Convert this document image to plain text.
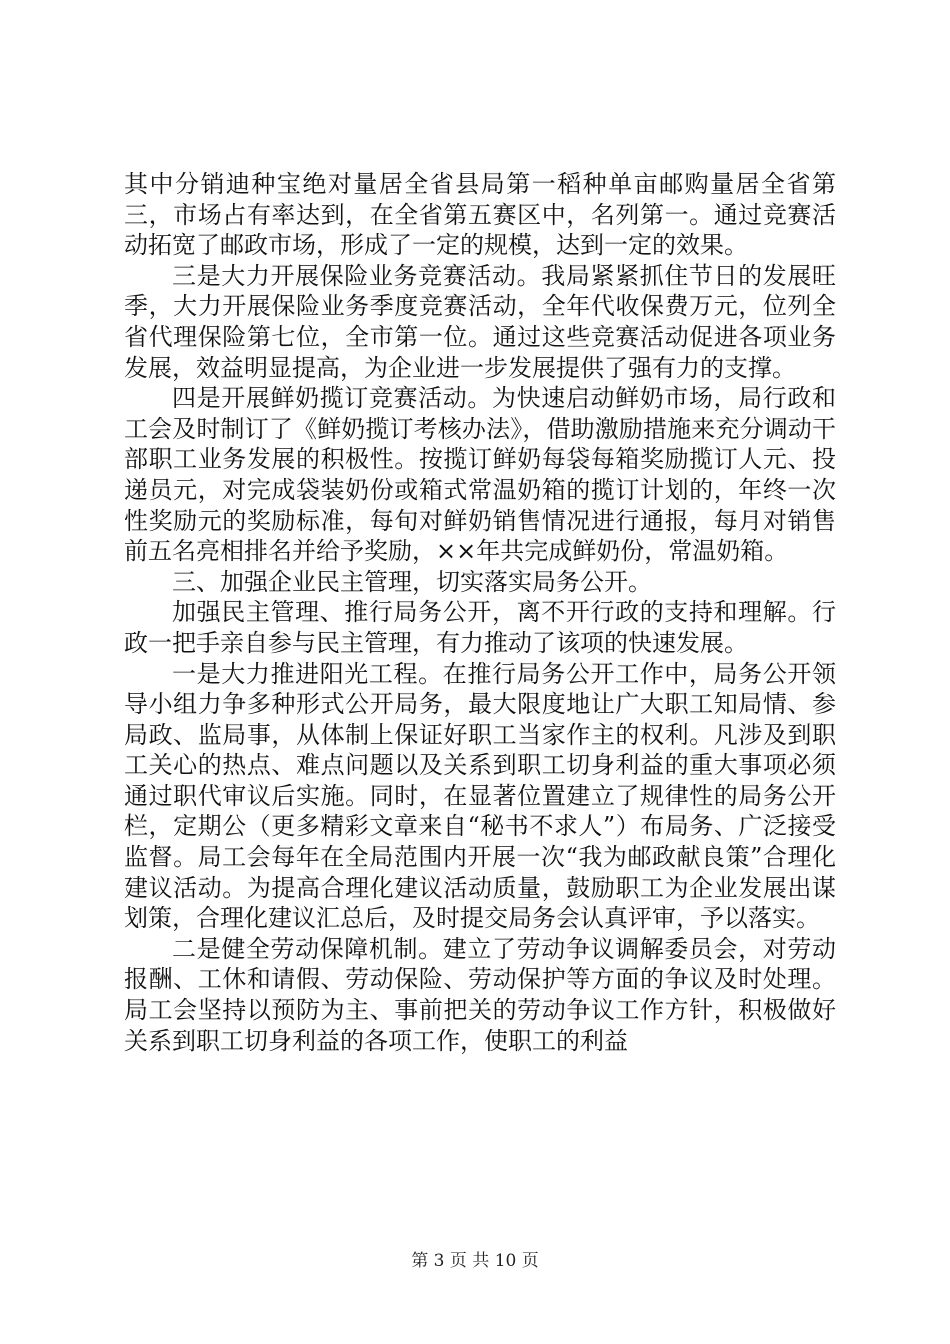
其中分销迪种宝绝对量居全省县局第一稻种单亩邮购量居全省第三，市场占有率达到，在全省第五赛区中，名列第一。通过竞赛活动拓宽了邮政市场，形成了一定的规模，达到一定的效果。

三是大力开展保险业务竞赛活动。我局紧紧抓住节日的发展旺季，大力开展保险业务季度竞赛活动，全年代收保费万元，位列全省代理保险第七位，全市第一位。通过这些竞赛活动促进各项业务发展，效益明显提高，为企业进一步发展提供了强有力的支撑。

四是开展鲜奶揽订竞赛活动。为快速启动鲜奶市场，局行政和工会及时制订了《鲜奶揽订考核办法》，借助激励措施来充分调动干部职工业务发展的积极性。按揽订鲜奶每袋每箱奖励揽订人元、投递员元，对完成袋装奶份或箱式常温奶箱的揽订计划的，年终一次性奖励元的奖励标准，每旬对鲜奶销售情况进行通报，每月对销售前五名亮相排名并给予奖励，××年共完成鲜奶份，常温奶箱。

三、加强企业民主管理，切实落实局务公开。

加强民主管理、推行局务公开，离不开行政的支持和理解。行政一把手亲自参与民主管理，有力推动了该项的快速发展。

一是大力推进阳光工程。在推行局务公开工作中，局务公开领导小组力争多种形式公开局务，最大限度地让广大职工知局情、参局政、监局事，从体制上保证好职工当家作主的权利。凡涉及到职工关心的热点、难点问题以及关系到职工切身利益的重大事项必须通过职代审议后实施。同时，在显著位置建立了规律性的局务公开栏，定期公（更多精彩文章来自“秘书不求人”）布局务、广泛接受监督。局工会每年在全局范围内开展一次“我为邮政献良策”合理化建议活动。为提高合理化建议活动质量，鼓励职工为企业发展出谋划策，合理化建议汇总后，及时提交局务会认真评审，予以落实。

二是健全劳动保障机制。建立了劳动争议调解委员会，对劳动报酬、工休和请假、劳动保险、劳动保护等方面的争议及时处理。局工会坚持以预防为主、事前把关的劳动争议工作方针，积极做好关系到职工切身利益的各项工作，使职工的利益

第 3 页 共 10 页
